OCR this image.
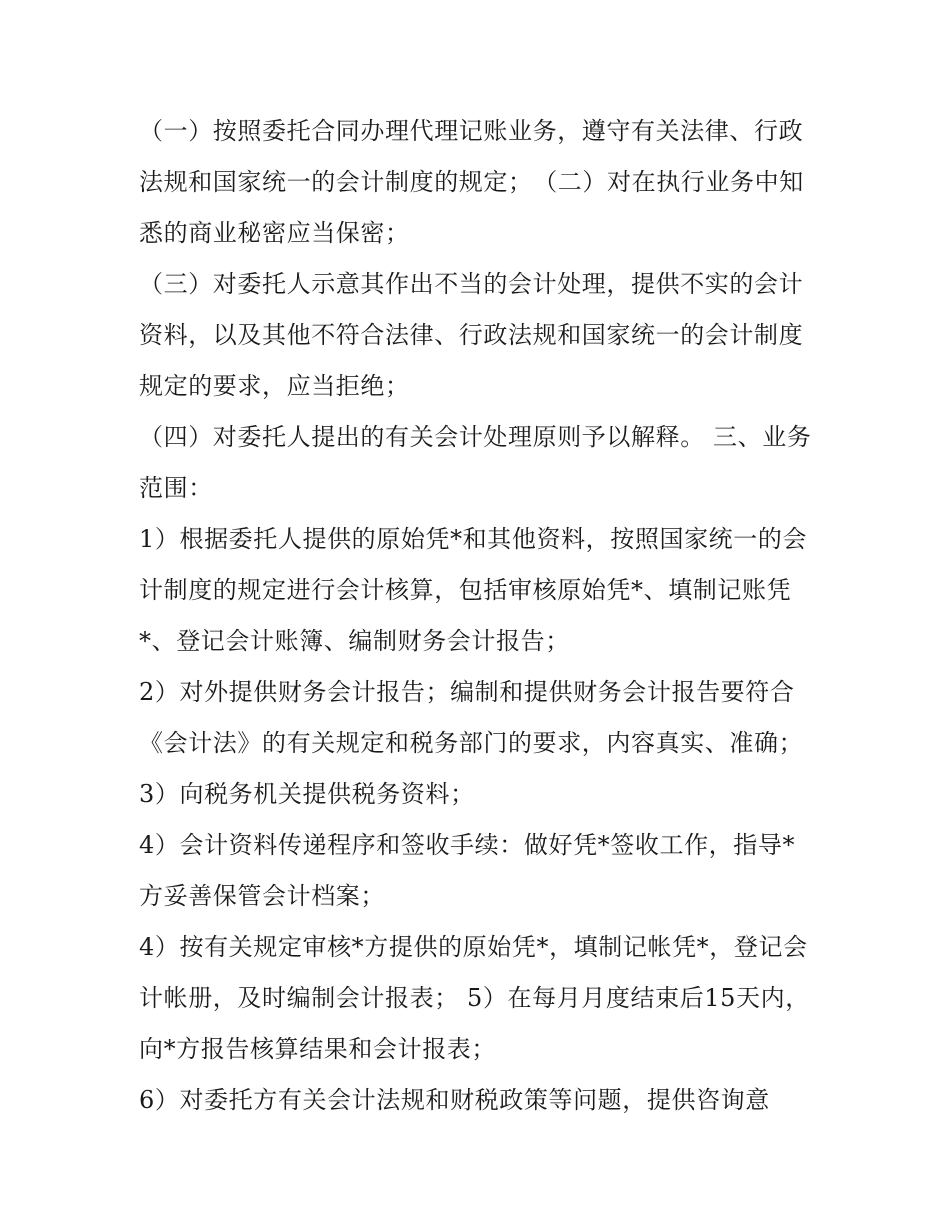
（一）按照委托合同办理代理记账业务，遵守有关法律、行政法规和国家统一的会计制度的规定；　（二）对在执行业务中知悉的商业秘密应当保密；

（三）对委托人示意其作出不当的会计处理，提供不实的会计资料，以及其他不符合法律、行政法规和国家统一的会计制度规定的要求，应当拒绝；

（四）对委托人提出的有关会计处理原则予以解释。 三、业务范围：

1）根据委托人提供的原始凭*和其他资料，按照国家统一的会计制度的规定进行会计核算，包括审核原始凭*、填制记账凭*、登记会计账簿、编制财务会计报告；

2）对外提供财务会计报告；编制和提供财务会计报告要符合《会计法》的有关规定和税务部门的要求，内容真实、准确；

3）向税务机关提供税务资料；

4）会计资料传递程序和签收手续：做好凭*签收工作，指导*方妥善保管会计档案；

4）按有关规定审核*方提供的原始凭*，填制记帐凭*，登记会计帐册，及时编制会计报表； 5）在每月月度结束后15天内，向*方报告核算结果和会计报表；

6）对委托方有关会计法规和财税政策等问题，提供咨询意
